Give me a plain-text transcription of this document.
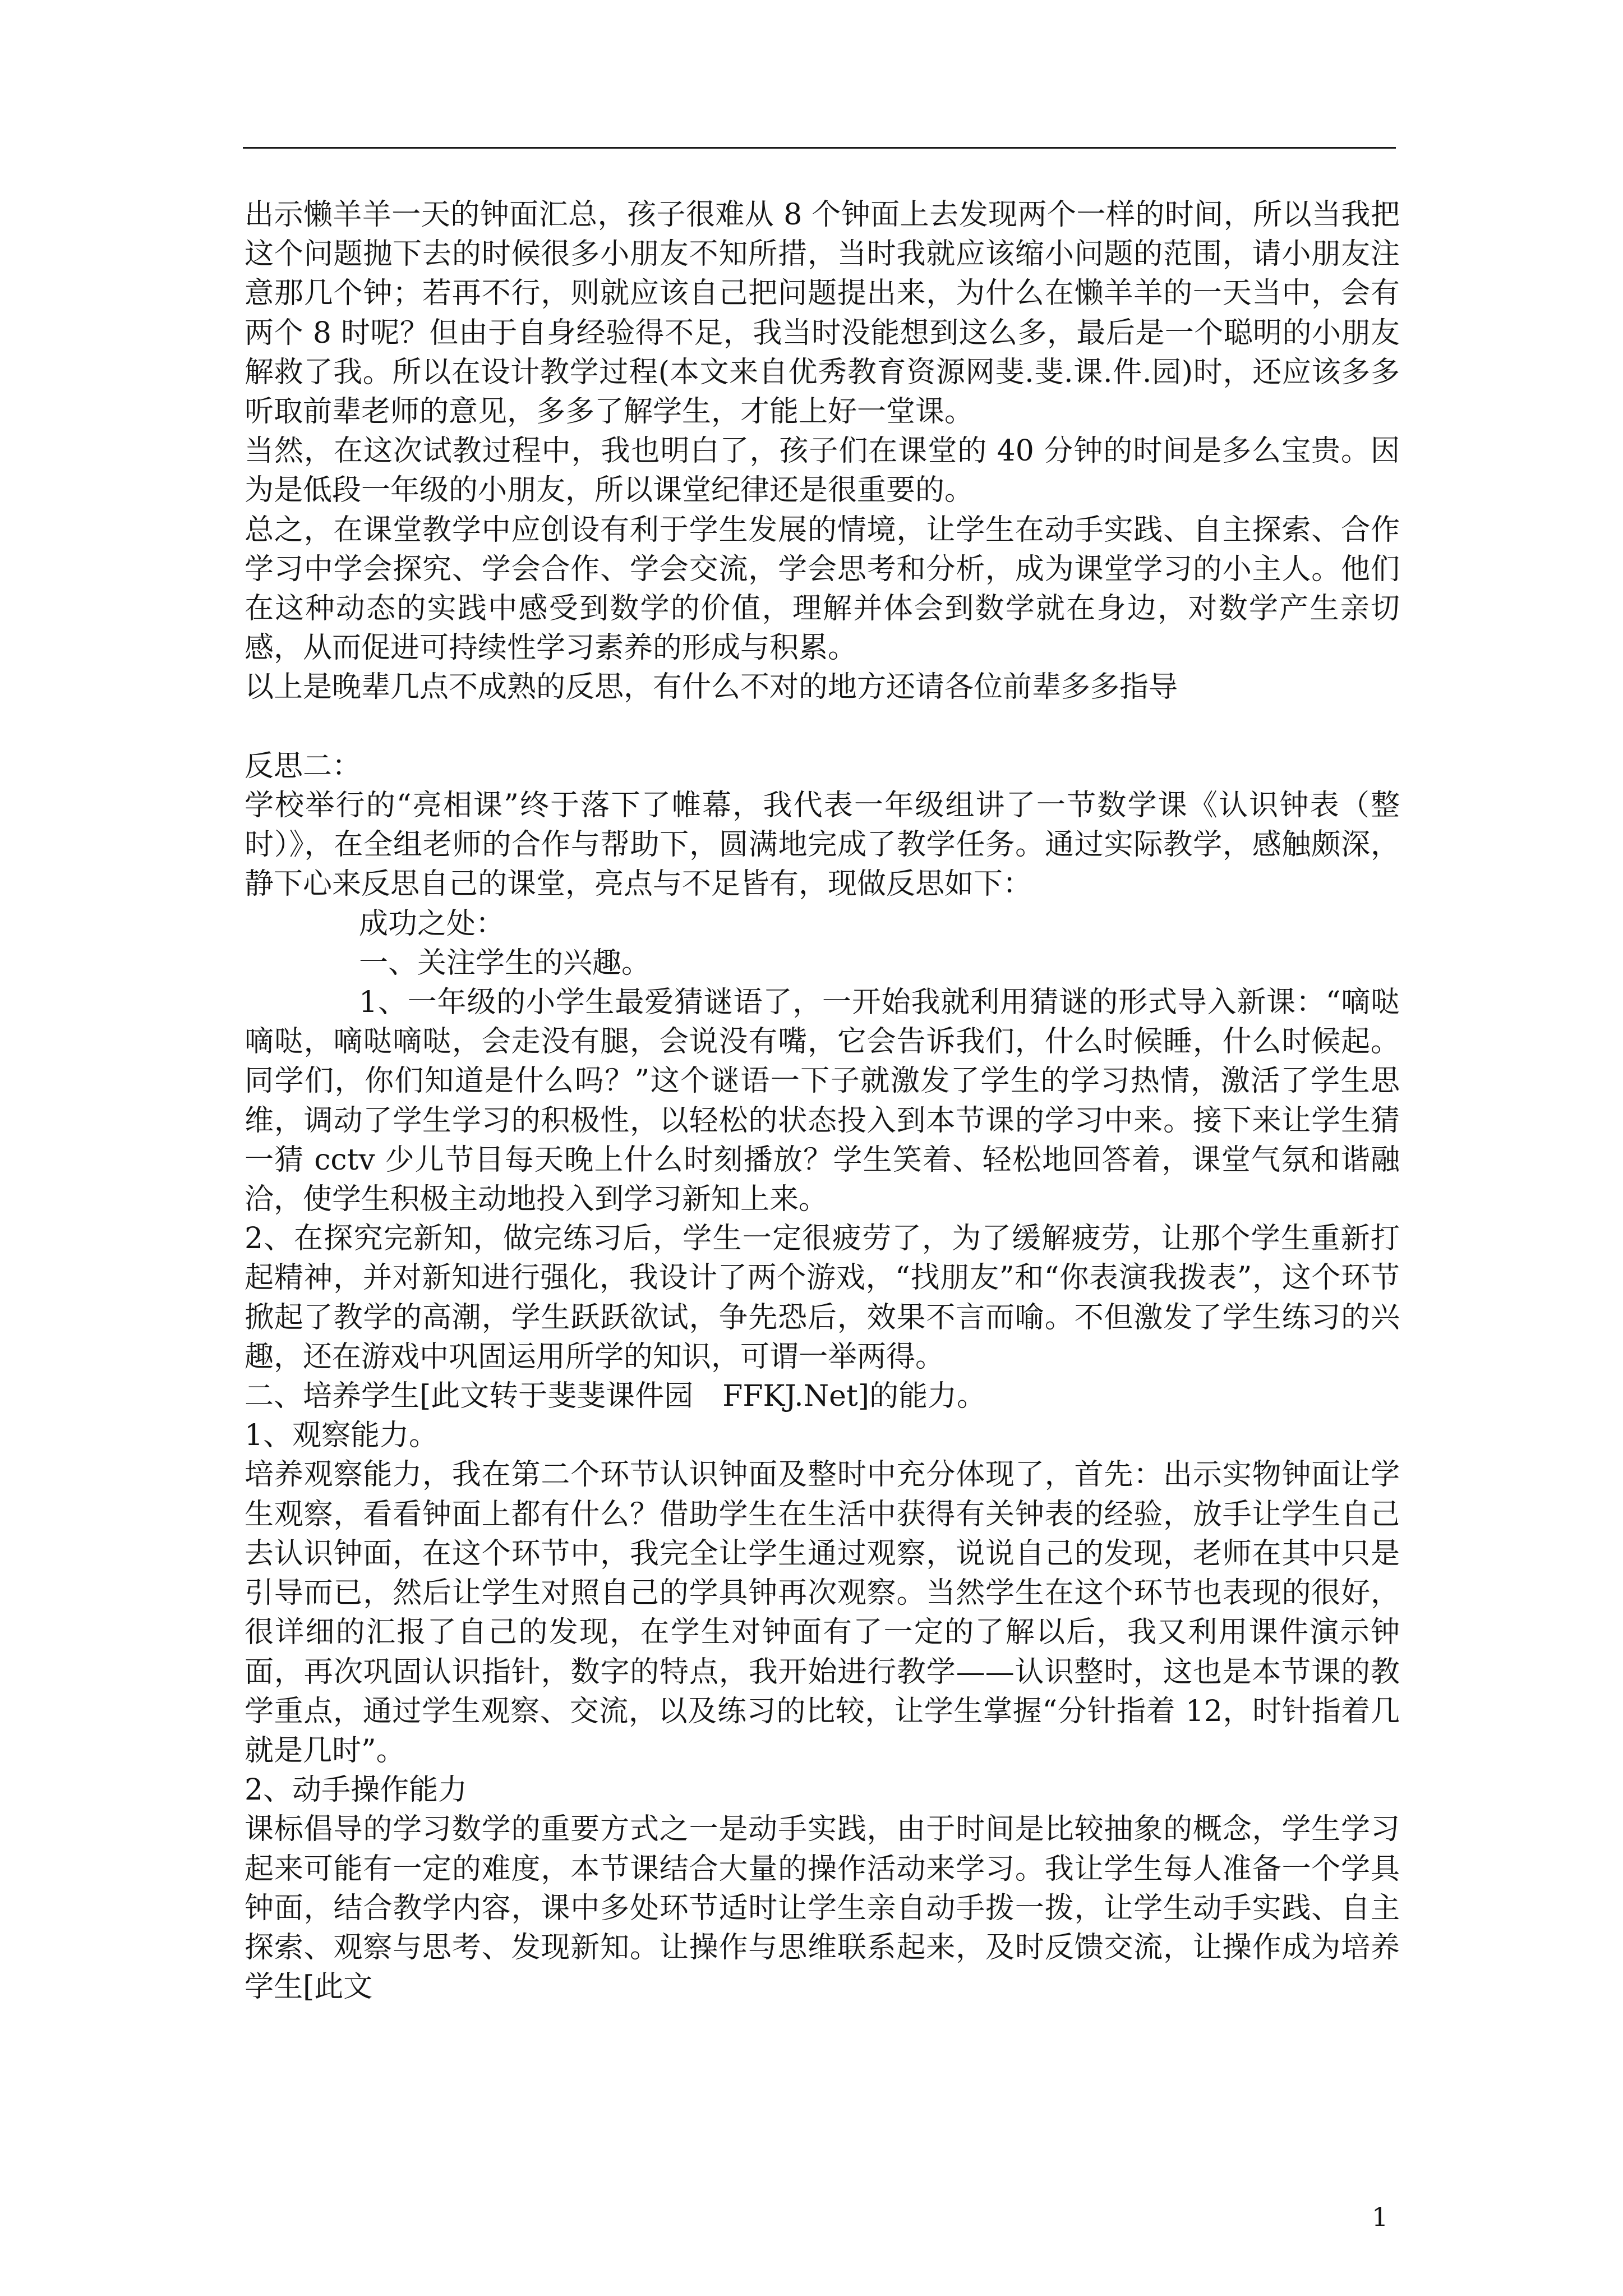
出示懒羊羊一天的钟面汇总，孩子很难从 8 个钟面上去发现两个一样的时间，所以当我把这个问题抛下去的时候很多小朋友不知所措，当时我就应该缩小问题的范围，请小朋友注意那几个钟；若再不行，则就应该自己把问题提出来，为什么在懒羊羊的一天当中，会有两个 8 时呢？但由于自身经验得不足，我当时没能想到这么多，最后是一个聪明的小朋友解救了我。所以在设计教学过程(本文来自优秀教育资源网斐.斐.课.件.园)时，还应该多多听取前辈老师的意见，多多了解学生，才能上好一堂课。

当然，在这次试教过程中，我也明白了，孩子们在课堂的 40 分钟的时间是多么宝贵。因为是低段一年级的小朋友，所以课堂纪律还是很重要的。

总之，在课堂教学中应创设有利于学生发展的情境，让学生在动手实践、自主探索、合作学习中学会探究、学会合作、学会交流，学会思考和分析，成为课堂学习的小主人。他们在这种动态的实践中感受到数学的价值，理解并体会到数学就在身边，对数学产生亲切感，从而促进可持续性学习素养的形成与积累。

以上是晚辈几点不成熟的反思，有什么不对的地方还请各位前辈多多指导

反思二：

学校举行的“亮相课”终于落下了帷幕，我代表一年级组讲了一节数学课《认识钟表（整时）》，在全组老师的合作与帮助下，圆满地完成了教学任务。通过实际教学，感触颇深，静下心来反思自己的课堂，亮点与不足皆有，现做反思如下：

成功之处：

一、关注学生的兴趣。

1、一年级的小学生最爱猜谜语了，一开始我就利用猜谜的形式导入新课：“嘀哒嘀哒，嘀哒嘀哒，会走没有腿，会说没有嘴，它会告诉我们，什么时候睡，什么时候起。同学们，你们知道是什么吗？”这个谜语一下子就激发了学生的学习热情，激活了学生思维，调动了学生学习的积极性，以轻松的状态投入到本节课的学习中来。接下来让学生猜一猜 cctv 少儿节目每天晚上什么时刻播放？学生笑着、轻松地回答着，课堂气氛和谐融洽，使学生积极主动地投入到学习新知上来。

2、在探究完新知，做完练习后，学生一定很疲劳了，为了缓解疲劳，让那个学生重新打起精神，并对新知进行强化，我设计了两个游戏，“找朋友”和“你表演我拨表”，这个环节掀起了教学的高潮，学生跃跃欲试，争先恐后，效果不言而喻。不但激发了学生练习的兴趣，还在游戏中巩固运用所学的知识，可谓一举两得。

二、培养学生[此文转于斐斐课件园　FFKJ.Net]的能力。

1、观察能力。

培养观察能力，我在第二个环节认识钟面及整时中充分体现了，首先：出示实物钟面让学生观察，看看钟面上都有什么？借助学生在生活中获得有关钟表的经验，放手让学生自己去认识钟面，在这个环节中，我完全让学生通过观察，说说自己的发现，老师在其中只是引导而已，然后让学生对照自己的学具钟再次观察。当然学生在这个环节也表现的很好，很详细的汇报了自己的发现，在学生对钟面有了一定的了解以后，我又利用课件演示钟面，再次巩固认识指针，数字的特点，我开始进行教学——认识整时，这也是本节课的教学重点，通过学生观察、交流，以及练习的比较，让学生掌握“分针指着 12，时针指着几就是几时”。

2、动手操作能力

课标倡导的学习数学的重要方式之一是动手实践，由于时间是比较抽象的概念，学生学习起来可能有一定的难度，本节课结合大量的操作活动来学习。我让学生每人准备一个学具钟面，结合教学内容，课中多处环节适时让学生亲自动手拨一拨，让学生动手实践、自主探索、观察与思考、发现新知。让操作与思维联系起来，及时反馈交流，让操作成为培养学生[此文

1
